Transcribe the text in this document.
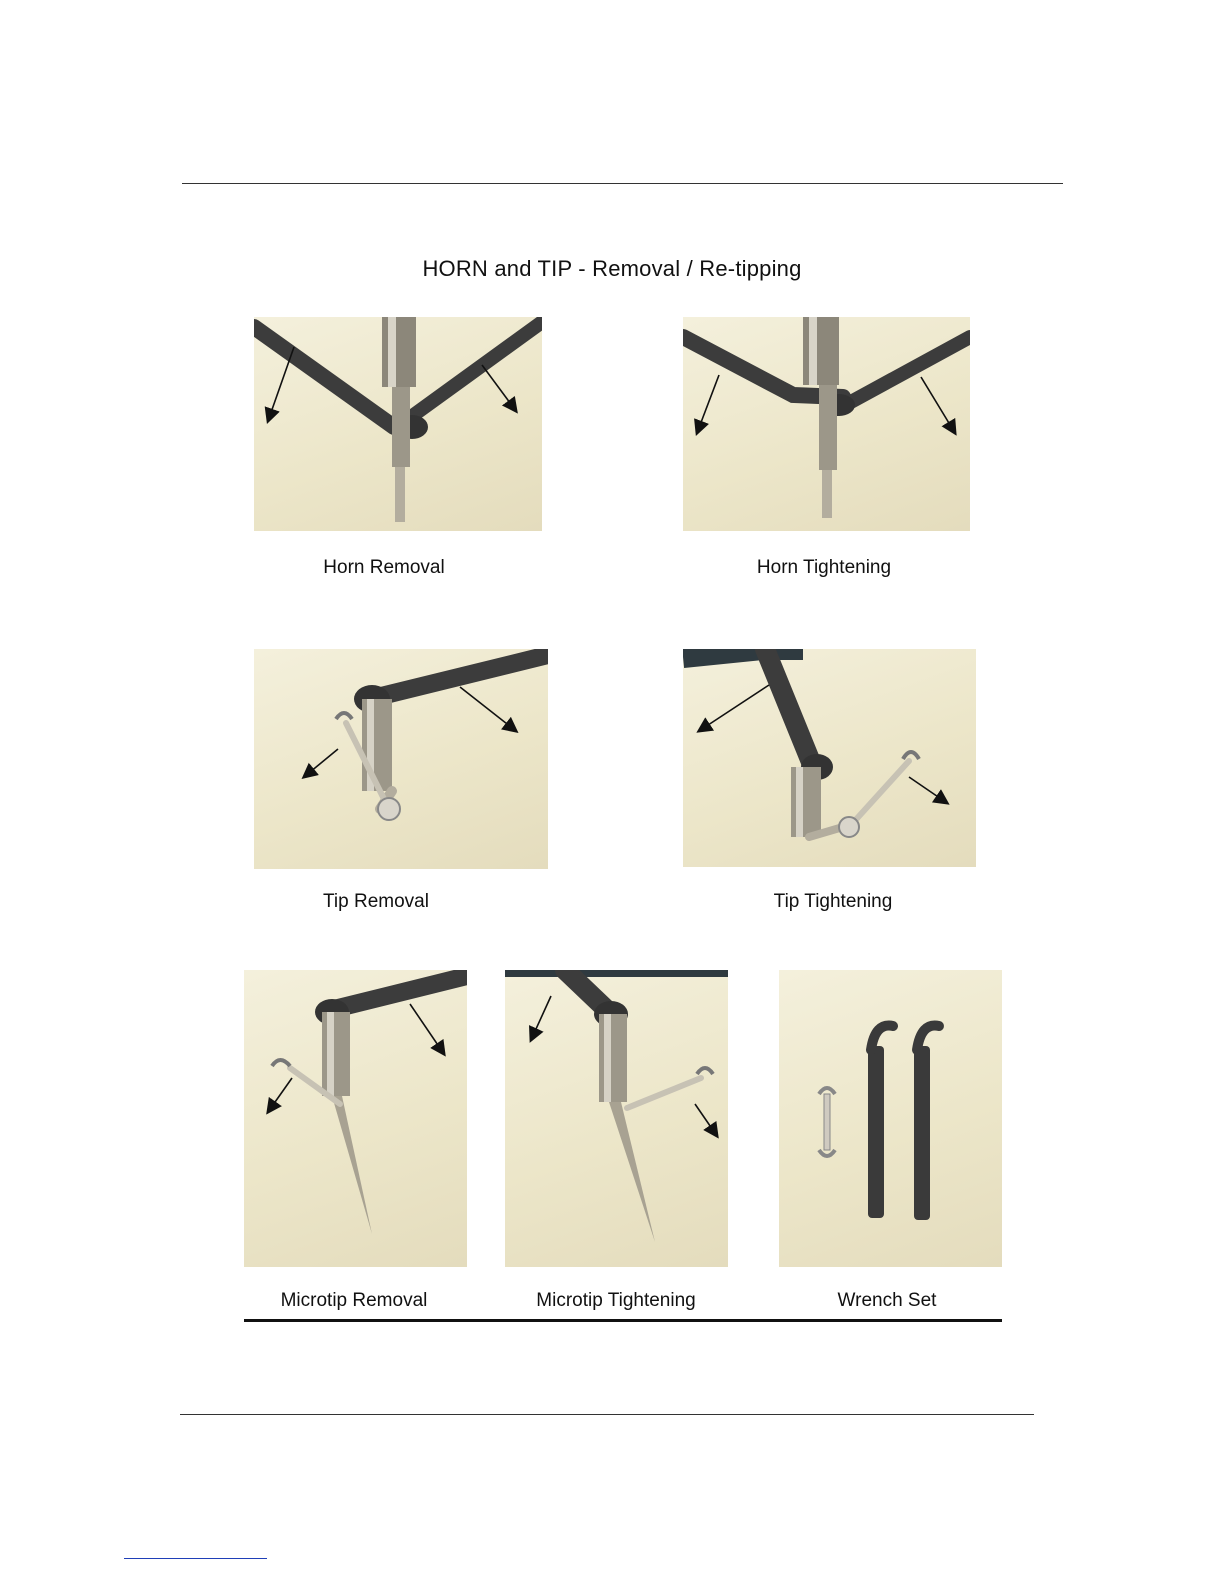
HORN and TIP - Removal / Re-tipping
Horn Removal	Horn Tightening
Tip Removal	Tip Tightening
Microtip Removal	Microtip Tightening	Wrench Set
